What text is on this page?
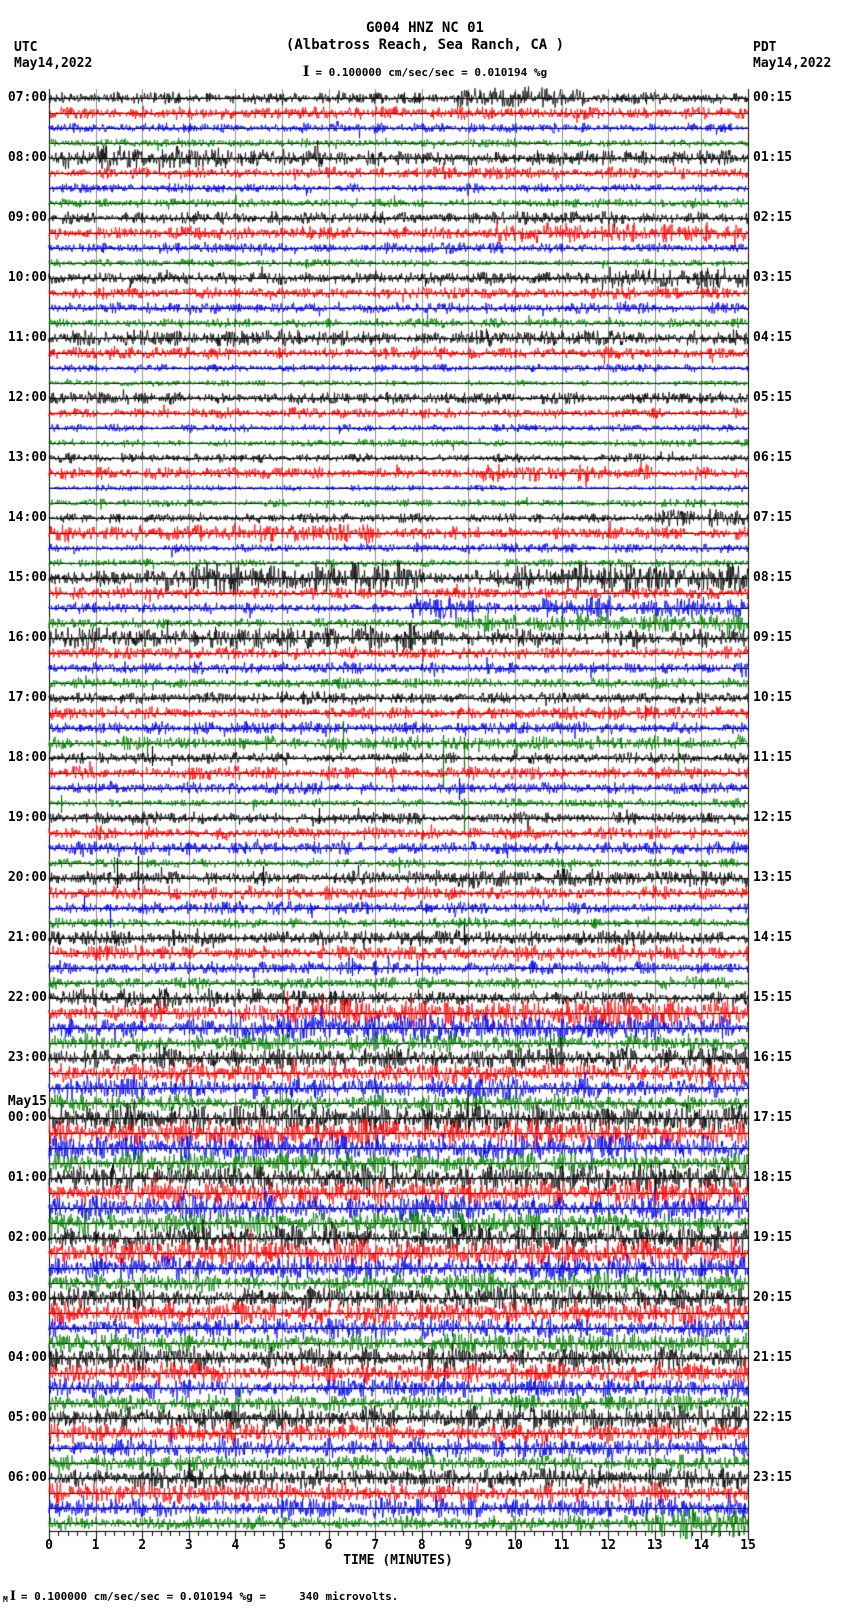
07:00
08:00
09:00
10:00
11:00
12:00
13:00
14:00
15:00
16:00
17:00
18:00
19:00
20:00
21:00
22:00
23:00
00:00
01:00
02:00
03:00
04:00
05:00
06:00
May15
00:15
01:15
02:15
03:15
04:15
05:15
06:15
07:15
08:15
09:15
10:15
11:15
12:15
13:15
14:15
15:15
16:15
17:15
18:15
19:15
20:15
21:15
22:15
23:15
0	1	2	3	4	5	6	7	8	9	10 11 12 13 14 15
TIME (MINUTES)
M I = 0.100000 cm/sec/sec = 0.010194 %g =     340 microvolts.
